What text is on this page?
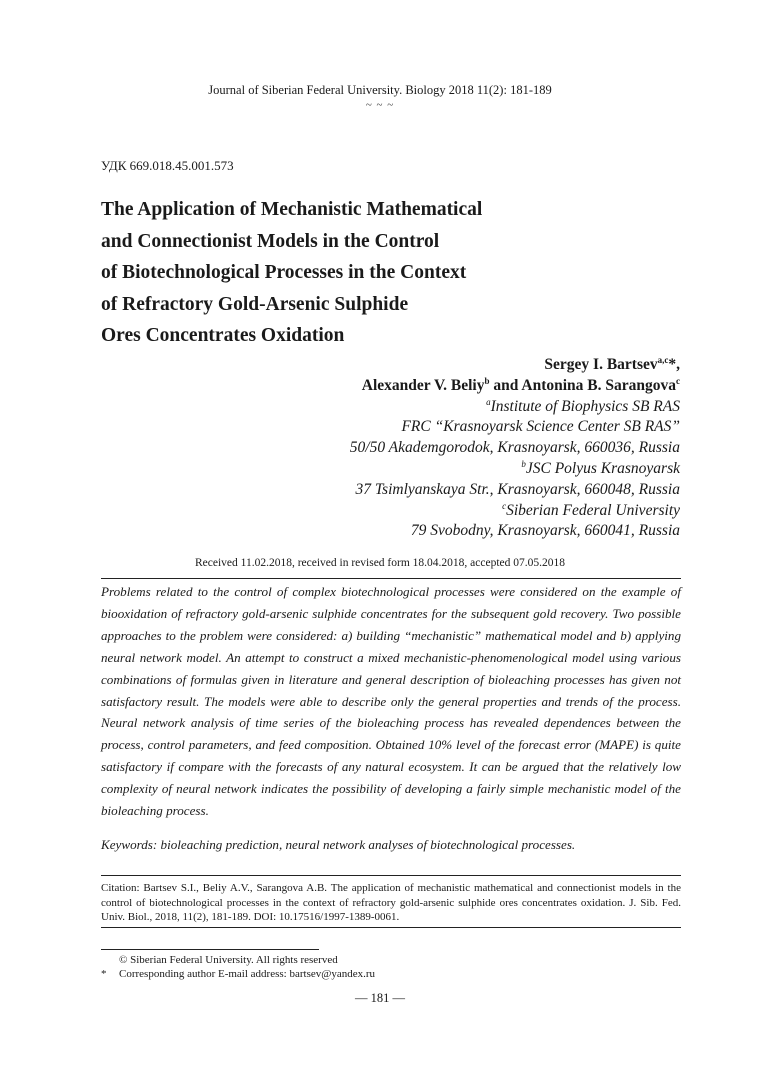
Journal of Siberian Federal University. Biology 2018 11(2): 181-189
~ ~ ~
УДК 669.018.45.001.573
The Application of Mechanistic Mathematical
and Connectionist Models in the Control
of Biotechnological Processes in the Context
of Refractory Gold-Arsenic Sulphide
Ores Concentrates Oxidation
Sergey I. Bartsev$^{a,c}$*,
Alexander V. Beliy$^b$ and Antonina B. Sarangova$^c$
$^a$Institute of Biophysics SB RAS
FRC “Krasnoyarsk Science Center SB RAS”
50/50 Akademgorodok, Krasnoyarsk, 660036, Russia
$^b$JSC Polyus Krasnoyarsk
37 Tsimlyanskaya Str., Krasnoyarsk, 660048, Russia
$^c$Siberian Federal University
79 Svobodny, Krasnoyarsk, 660041, Russia
Received 11.02.2018, received in revised form 18.04.2018, accepted 07.05.2018
Problems related to the control of complex biotechnological processes were considered on the example of biooxidation of refractory gold-arsenic sulphide concentrates for the subsequent gold recovery. Two possible approaches to the problem were considered: a) building “mechanistic” mathematical model and b) applying neural network model. An attempt to construct a mixed mechanistic-phenomenological model using various combinations of formulas given in literature and general description of bioleaching processes has given not satisfactory result. The models were able to describe only the general properties and trends of the process. Neural network analysis of time series of the bioleaching process has revealed dependences between the process, control parameters, and feed composition. Obtained 10% level of the forecast error (MAPE) is quite satisfactory if compare with the forecasts of any natural ecosystem. It can be argued that the relatively low complexity of neural network indicates the possibility of developing a fairly simple mechanistic model of the bioleaching process.
Keywords: bioleaching prediction, neural network analyses of biotechnological processes.
Citation: Bartsev S.I., Beliy A.V., Sarangova A.B. The application of mechanistic mathematical and connectionist models in the control of biotechnological processes in the context of refractory gold-arsenic sulphide ores concentrates oxidation. J. Sib. Fed. Univ. Biol., 2018, 11(2), 181-189. DOI: 10.17516/1997-1389-0061.
© Siberian Federal University. All rights reserved
* Corresponding author E-mail address: bartsev@yandex.ru
— 181 —
